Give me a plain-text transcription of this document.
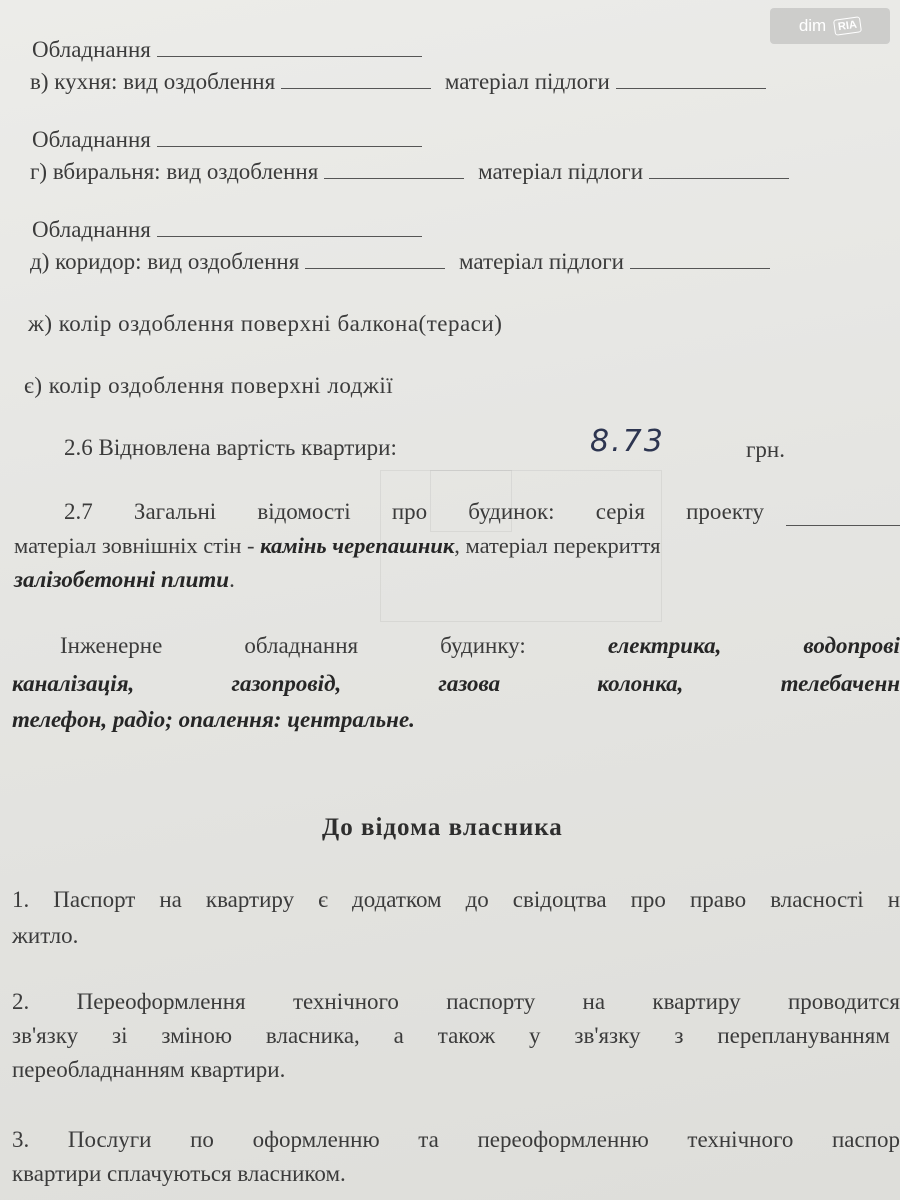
Обладнання
в) кухня: вид оздоблення	матеріал підлоги
Обладнання
г) вбиральня: вид оздоблення	матеріал підлоги
Обладнання
д) коридор: вид оздоблення	матеріал підлоги
ж) колір оздоблення поверхні балкона(тераси)
є) колір оздоблення поверхні лоджії
2.6 Відновлена вартість квартири:	8.73	грн.
2.7 Загальні відомості про будинок: серія проекту
матеріал зовнішніх стін - камінь черепашник, матеріал перекриття
залізобетонні плити.
Інженерне	обладнання	будинку:	електрика,	водопрові
каналізація,	газопровід,	газова	колонка,	телебаченн
телефон, радіо; опалення: центральне.
До відома власника
1. Паспорт на квартиру є додатком до свідоцтва про право власності н
житло.
2. Переоформлення технічного паспорту на квартиру проводится
зв'язку зі зміною власника, а також у зв'язку з переплануванням
переобладнанням квартири.
3. Послуги по оформленню та переоформленню технічного паспор
квартири сплачуються власником.
dim	RIA
